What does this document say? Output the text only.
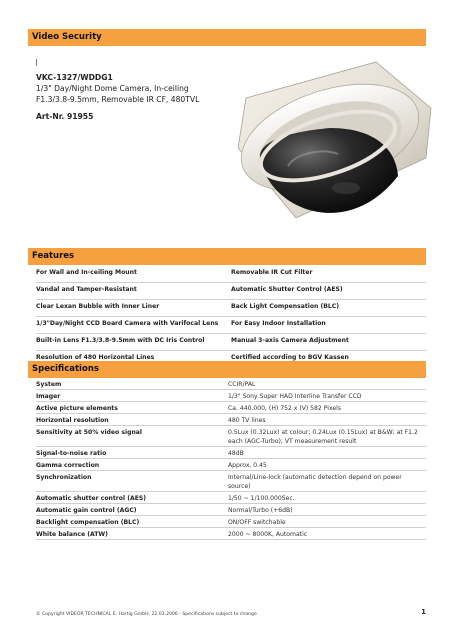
Video Security
VKC-1327/WDDG1
1/3" Day/Night Dome Camera, In-ceiling
F1.3/3.8-9.5mm, Removable IR CF, 480TVL
Art-Nr. 91955
Features
For Wall and In-ceiling Mount	Removable IR Cut Filter
Vandal and Tamper-Resistant	Automatic Shutter Control (AES)
Clear Lexan Bubble with Inner Liner	Back Light Compensation (BLC)
1/3"Day/Night CCD Board Camera with Varifocal Lens	For Easy Indoor Installation
Built-in Lens F1.3/3.8-9.5mm with DC Iris Control	Manual 3-axis Camera Adjustment
Resolution of 480 Horizontal Lines	Certified according to BGV Kassen
Specifications
System	CCIR/PAL
Imager	1/3" Sony Super HAD Interline Transfer CCD
Active picture elements	Ca. 440.000, (H) 752 x (V) 582 Pixels
Horizontal resolution	480 TV lines
Sensitivity at 50% video signal	0.5Lux (0.32Lux) at colour; 0.24Lux (0.15Lux) at B&W; at F1.2 each (AGC-Turbo); VT measurement result
Signal-to-noise ratio	48dB
Gamma correction	Approx. 0.45
Synchronization	Internal/Line-lock (automatic detection depend on power source)
Automatic shutter control (AES)	1/50 ~ 1/100.000Sec.
Automatic gain control (AGC)	Normal/Turbo (+6dB)
Backlight compensation (BLC)	ON/OFF switchable
White balance (ATW)	2000 ~ 8000K, Automatic
© Copyright VIDEOR TECHNICAL E. Hartig GmbH, 22.03.2006 - Specifications subject to change	1
